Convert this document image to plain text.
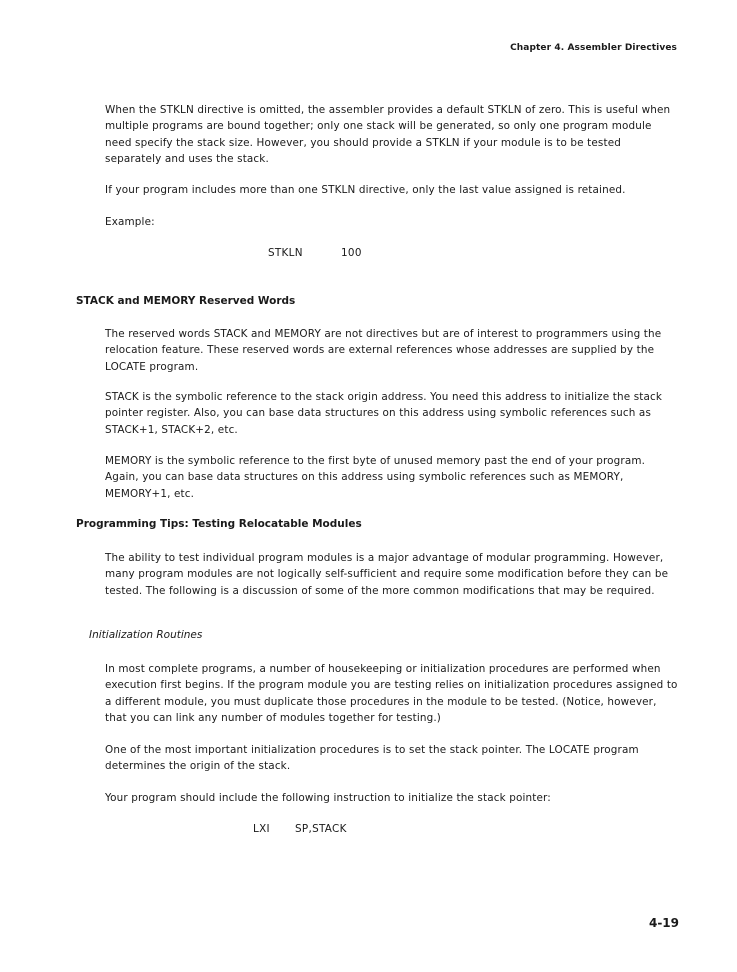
Chapter 4. Assembler Directives

When the STKLN directive is omitted, the assembler provides a default STKLN of zero. This is useful when multiple programs are bound together; only one stack will be generated, so only one program module need specify the stack size. However, you should provide a STKLN if your module is to be tested separately and uses the stack.

If your program includes more than one STKLN directive, only the last value assigned is retained.

Example:

STKLN	100
STACK and MEMORY Reserved Words

The reserved words STACK and MEMORY are not directives but are of interest to programmers using the relocation feature. These reserved words are external references whose addresses are supplied by the LOCATE program.

STACK is the symbolic reference to the stack origin address. You need this address to initialize the stack pointer register. Also, you can base data structures on this address using symbolic references such as STACK+1, STACK+2, etc.

MEMORY is the symbolic reference to the first byte of unused memory past the end of your program. Again, you can base data structures on this address using symbolic references such as MEMORY, MEMORY+1, etc.

Programming Tips: Testing Relocatable Modules

The ability to test individual program modules is a major advantage of modular programming. However, many program modules are not logically self-sufficient and require some modification before they can be tested. The following is a discussion of some of the more common modifications that may be required.

Initialization Routines

In most complete programs, a number of housekeeping or initialization procedures are performed when execution first begins. If the program module you are testing relies on initialization procedures assigned to a different module, you must duplicate those procedures in the module to be tested. (Notice, however, that you can link any number of modules together for testing.)

One of the most important initialization procedures is to set the stack pointer. The LOCATE program determines the origin of the stack.

Your program should include the following instruction to initialize the stack pointer:

LXI SP,STACK
4-19
